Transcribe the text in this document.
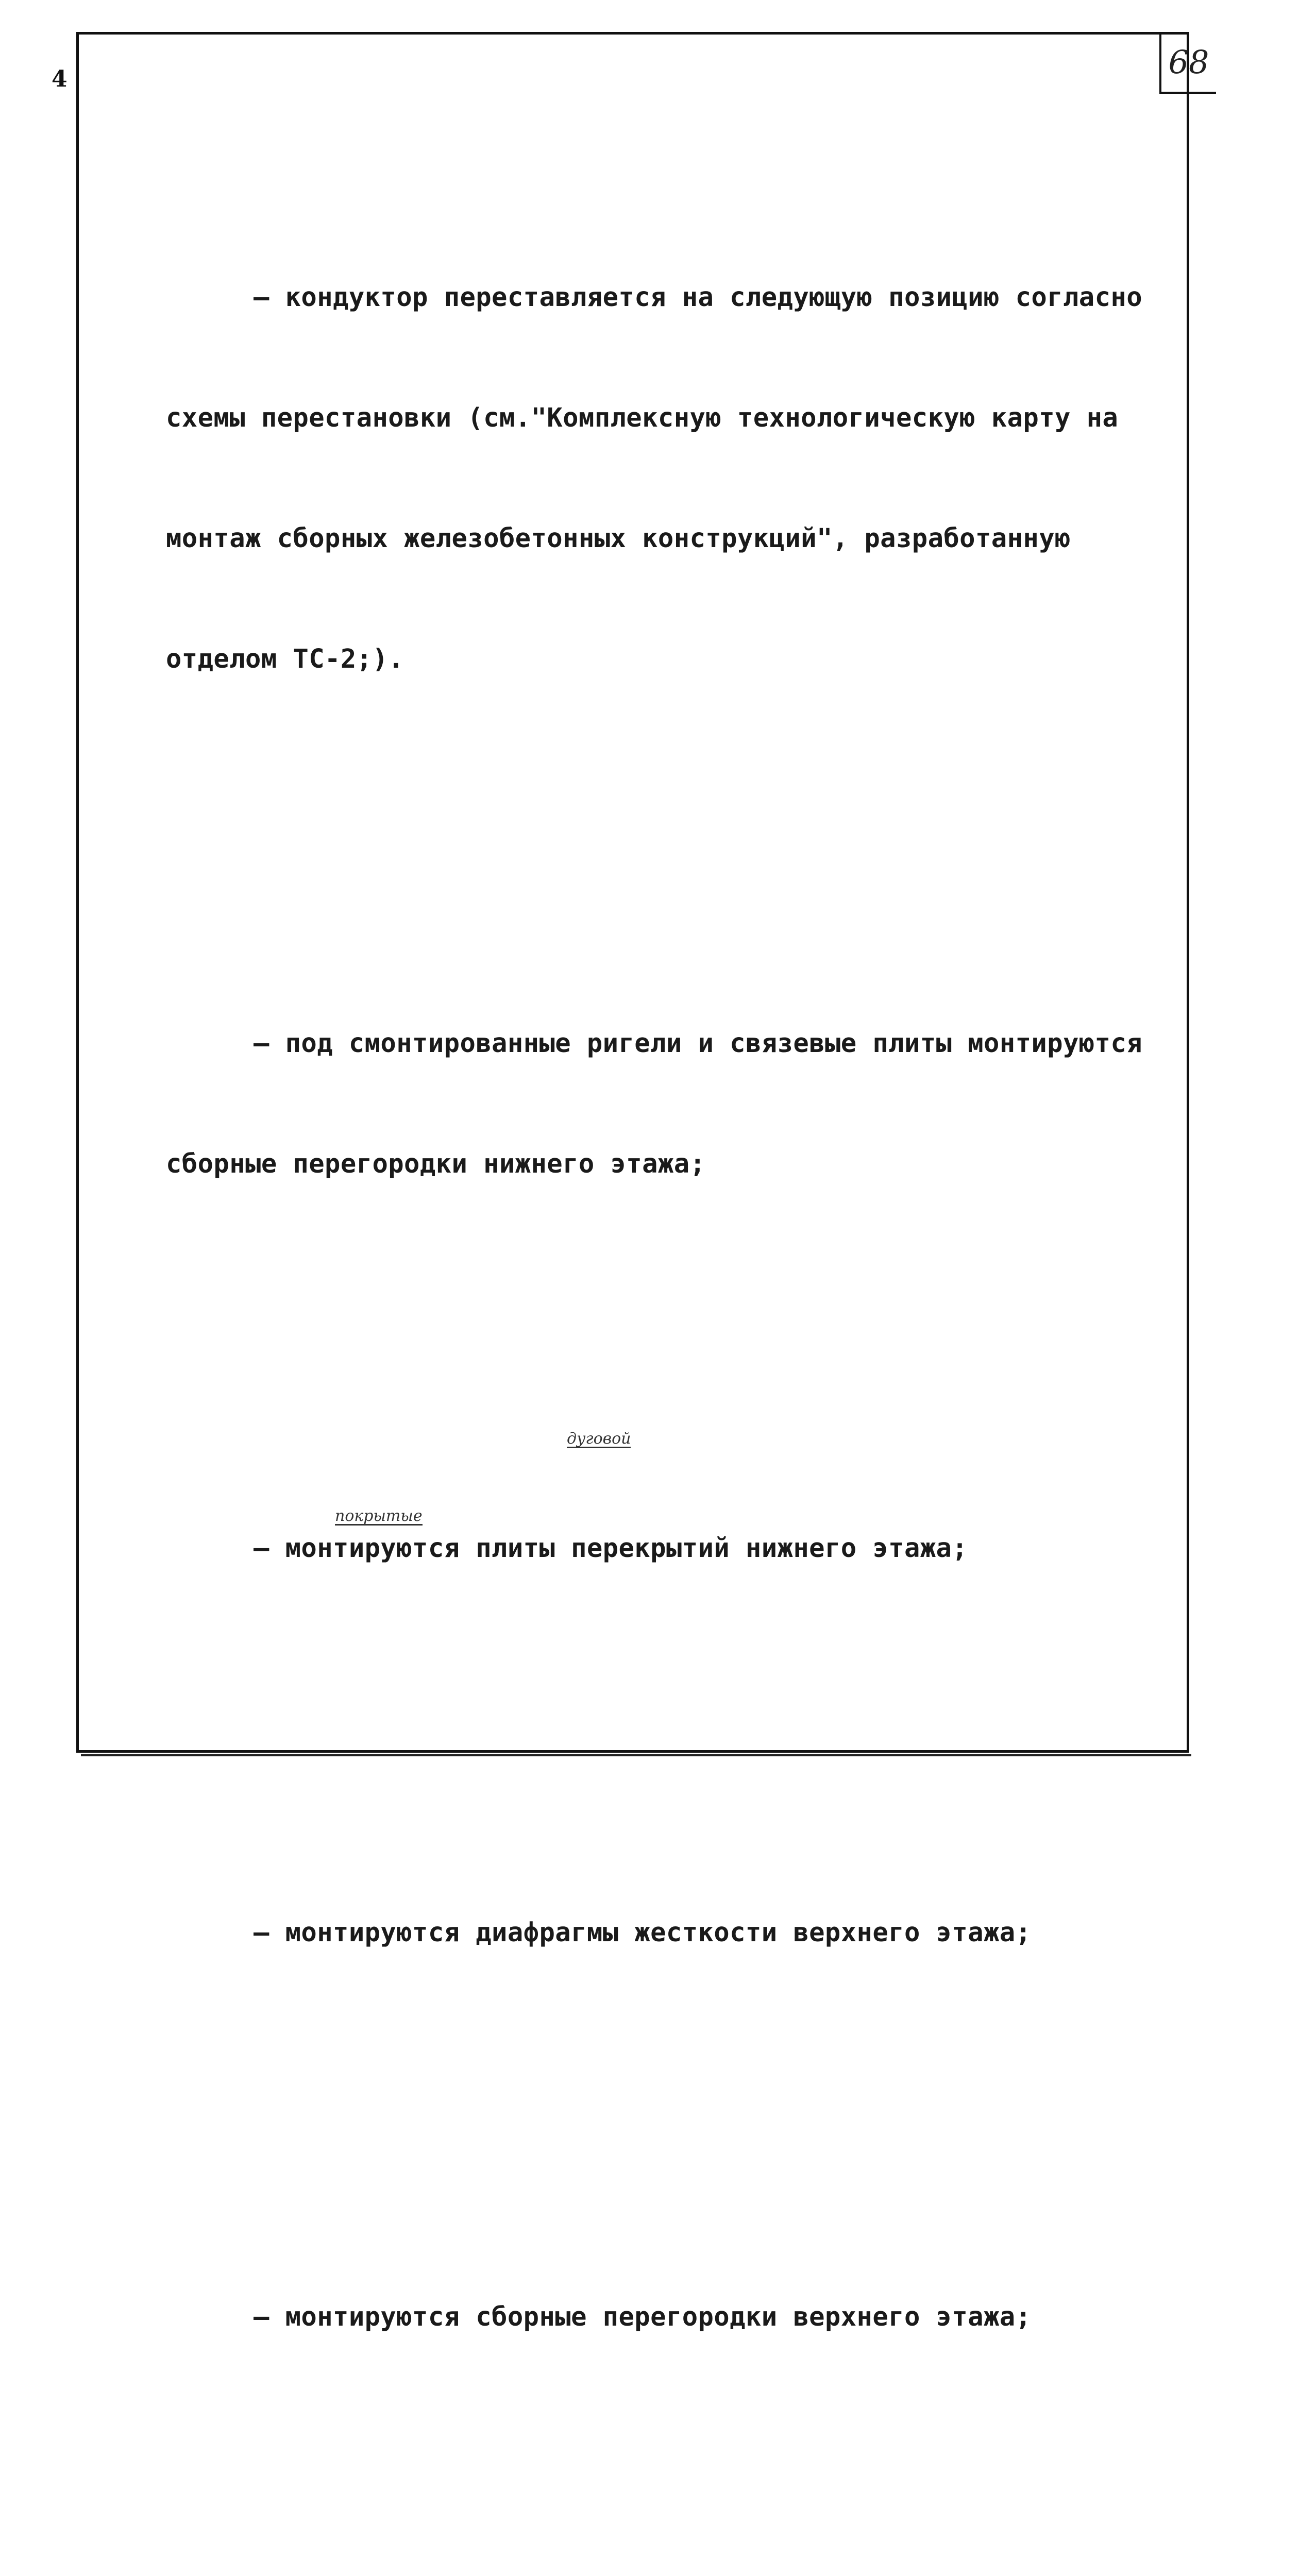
4	68

– кондуктор переставляется на следующую позицию согласно

схемы перестановки (см."Комплексную технологическую карту на

монтаж сборных железобетонных конструкций", разработанную

отделом ТС-2;).

– под смонтированные ригели и связевые плиты монтируются

сборные перегородки нижнего этажа;

– монтируются плиты перекрытий нижнего этажа;

– монтируются диафрагмы жесткости верхнего этажа;

– монтируются сборные перегородки верхнего этажа;

дуговой
покрытые
